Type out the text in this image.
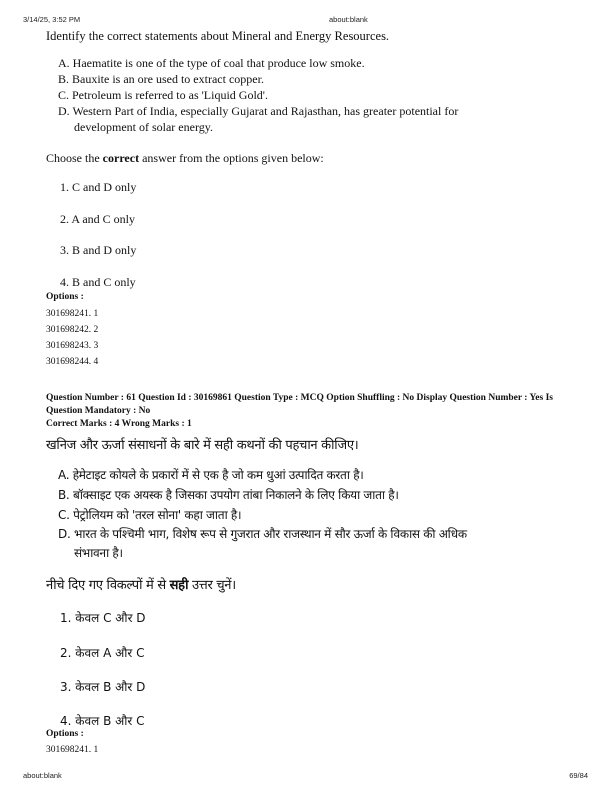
3/14/25, 3:52 PM	about:blank
Identify the correct statements about Mineral and Energy Resources.
A. Haematite is one of the type of coal that produce low smoke.
B. Bauxite is an ore used to extract copper.
C. Petroleum is referred to as 'Liquid Gold'.
D. Western Part of India, especially Gujarat and Rajasthan, has greater potential for
development of solar energy.
Choose the correct answer from the options given below:
1. C and D only
2. A and C only
3. B and D only
4. B and C only
Options :
301698241. 1
301698242. 2
301698243. 3
301698244. 4
Question Number : 61 Question Id : 30169861 Question Type : MCQ Option Shuffling : No Display Question Number : Yes Is Question Mandatory : No
Correct Marks : 4 Wrong Marks : 1
खनिज और ऊर्जा संसाधनों के बारे में सही कथनों की पहचान कीजिए।
A. हेमेटाइट कोयले के प्रकारों में से एक है जो कम धुआं उत्पादित करता है।
B. बॉक्साइट एक अयस्क है जिसका उपयोग तांबा निकालने के लिए किया जाता है।
C. पेट्रोलियम को 'तरल सोना' कहा जाता है।
D. भारत के पश्चिमी भाग, विशेष रूप से गुजरात और राजस्थान में सौर ऊर्जा के विकास की अधिक
संभावना है।
नीचे दिए गए विकल्पों में से सही उत्तर चुनें।
1. केवल C और D
2. केवल A और C
3. केवल B और D
4. केवल B और C
Options :
301698241. 1
about:blank	69/84
